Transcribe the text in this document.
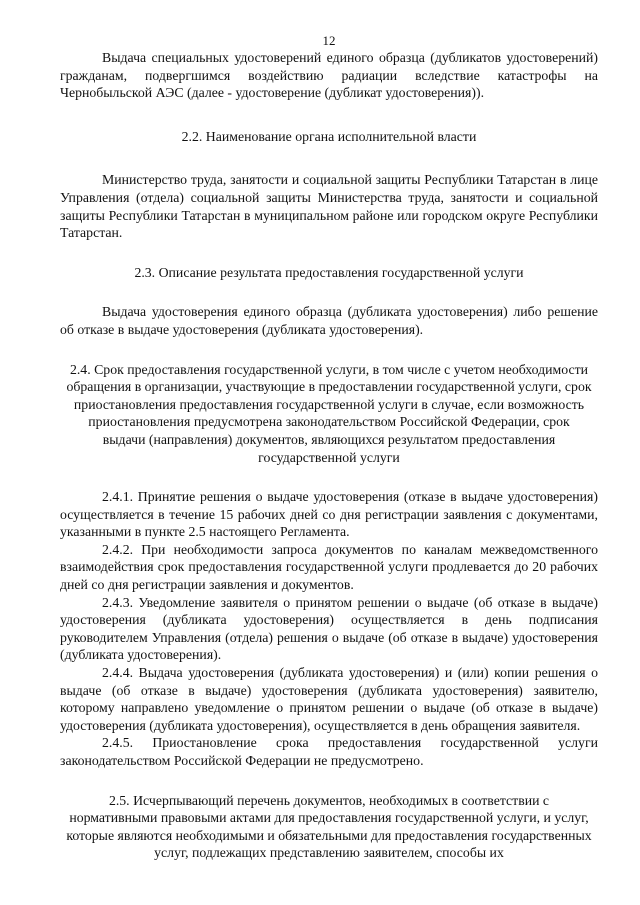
12

Выдача специальных удостоверений единого образца (дубликатов удостоверений) гражданам, подвергшимся воздействию радиации вследствие катастрофы на Чернобыльской АЭС (далее - удостоверение (дубликат удостоверения)).

2.2. Наименование органа исполнительной власти

Министерство труда, занятости и социальной защиты Республики Татарстан в лице Управления (отдела) социальной защиты Министерства труда, занятости и социальной защиты Республики Татарстан в муниципальном районе или городском округе Республики Татарстан.

2.3. Описание результата предоставления государственной услуги

Выдача удостоверения единого образца (дубликата удостоверения) либо решение об отказе в выдаче удостоверения (дубликата удостоверения).

2.4. Срок предоставления государственной услуги, в том числе с учетом необходимости обращения в организации, участвующие в предоставлении государственной услуги, срок приостановления предоставления государственной услуги в случае, если возможность приостановления предусмотрена законодательством Российской Федерации, срок выдачи (направления) документов, являющихся результатом предоставления государственной услуги

2.4.1. Принятие решения о выдаче удостоверения (отказе в выдаче удостоверения) осуществляется в течение 15 рабочих дней со дня регистрации заявления с документами, указанными в пункте 2.5 настоящего Регламента.

2.4.2. При необходимости запроса документов по каналам межведомственного взаимодействия срок предоставления государственной услуги продлевается до 20 рабочих дней со дня регистрации заявления и документов.

2.4.3. Уведомление заявителя о принятом решении о выдаче (об отказе в выдаче) удостоверения (дубликата удостоверения) осуществляется в день подписания руководителем Управления (отдела) решения о выдаче (об отказе в выдаче) удостоверения (дубликата удостоверения).

2.4.4. Выдача удостоверения (дубликата удостоверения) и (или) копии решения о выдаче (об отказе в выдаче) удостоверения (дубликата удостоверения) заявителю, которому направлено уведомление о принятом решении о выдаче (об отказе в выдаче) удостоверения (дубликата удостоверения), осуществляется в день обращения заявителя.

2.4.5. Приостановление срока предоставления государственной услуги законодательством Российской Федерации не предусмотрено.

2.5. Исчерпывающий перечень документов, необходимых в соответствии с нормативными правовыми актами для предоставления государственной услуги, и услуг, которые являются необходимыми и обязательными для предоставления государственных услуг, подлежащих представлению заявителем, способы их
